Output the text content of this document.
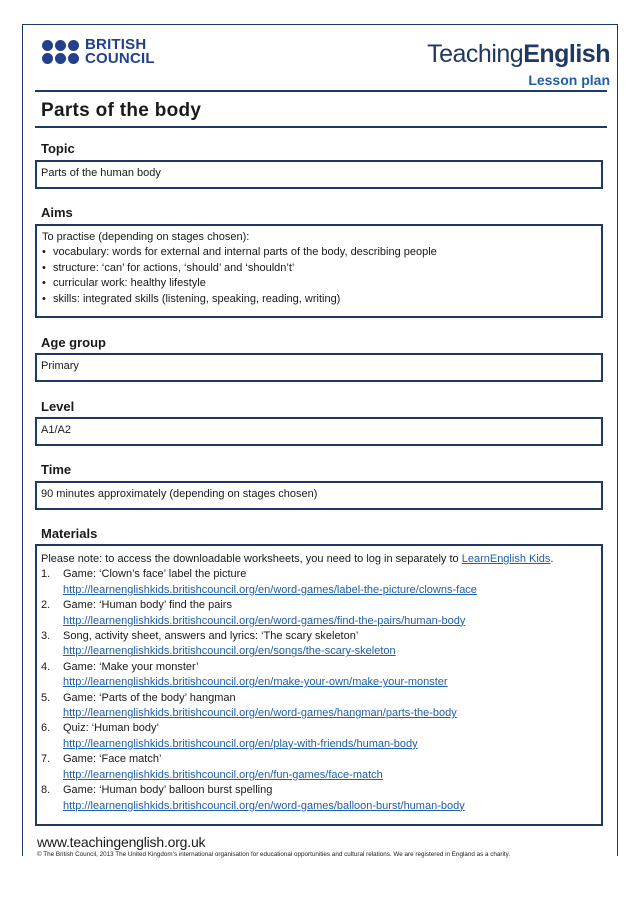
BRITISH
COUNCIL	TeachingEnglish
Lesson plan
Parts of the body
Topic
Parts of the human body
Aims
To practise (depending on stages chosen):
• vocabulary: words for external and internal parts of the body, describing people
• structure: ‘can’ for actions, ‘should’ and ‘shouldn’t’
• curricular work: healthy lifestyle
• skills: integrated skills (listening, speaking, reading, writing)
Age group
Primary
Level
A1/A2
Time
90 minutes approximately (depending on stages chosen)
Materials
Please note: to access the downloadable worksheets, you need to log in separately to LearnEnglish Kids.
1. Game: ‘Clown’s face’ label the picture
http://learnenglishkids.britishcouncil.org/en/word-games/label-the-picture/clowns-face
2. Game: ‘Human body’ find the pairs
http://learnenglishkids.britishcouncil.org/en/word-games/find-the-pairs/human-body
3. Song, activity sheet, answers and lyrics: ‘The scary skeleton’
http://learnenglishkids.britishcouncil.org/en/songs/the-scary-skeleton
4. Game: ‘Make your monster’
http://learnenglishkids.britishcouncil.org/en/make-your-own/make-your-monster
5. Game: ‘Parts of the body’ hangman
http://learnenglishkids.britishcouncil.org/en/word-games/hangman/parts-the-body
6. Quiz: ‘Human body’
http://learnenglishkids.britishcouncil.org/en/play-with-friends/human-body
7. Game: ‘Face match’
http://learnenglishkids.britishcouncil.org/en/fun-games/face-match
8. Game: ‘Human body’ balloon burst spelling
http://learnenglishkids.britishcouncil.org/en/word-games/balloon-burst/human-body
www.teachingenglish.org.uk
© The British Council, 2013 The United Kingdom’s international organisation for educational opportunities and cultural relations. We are registered in England as a charity.
